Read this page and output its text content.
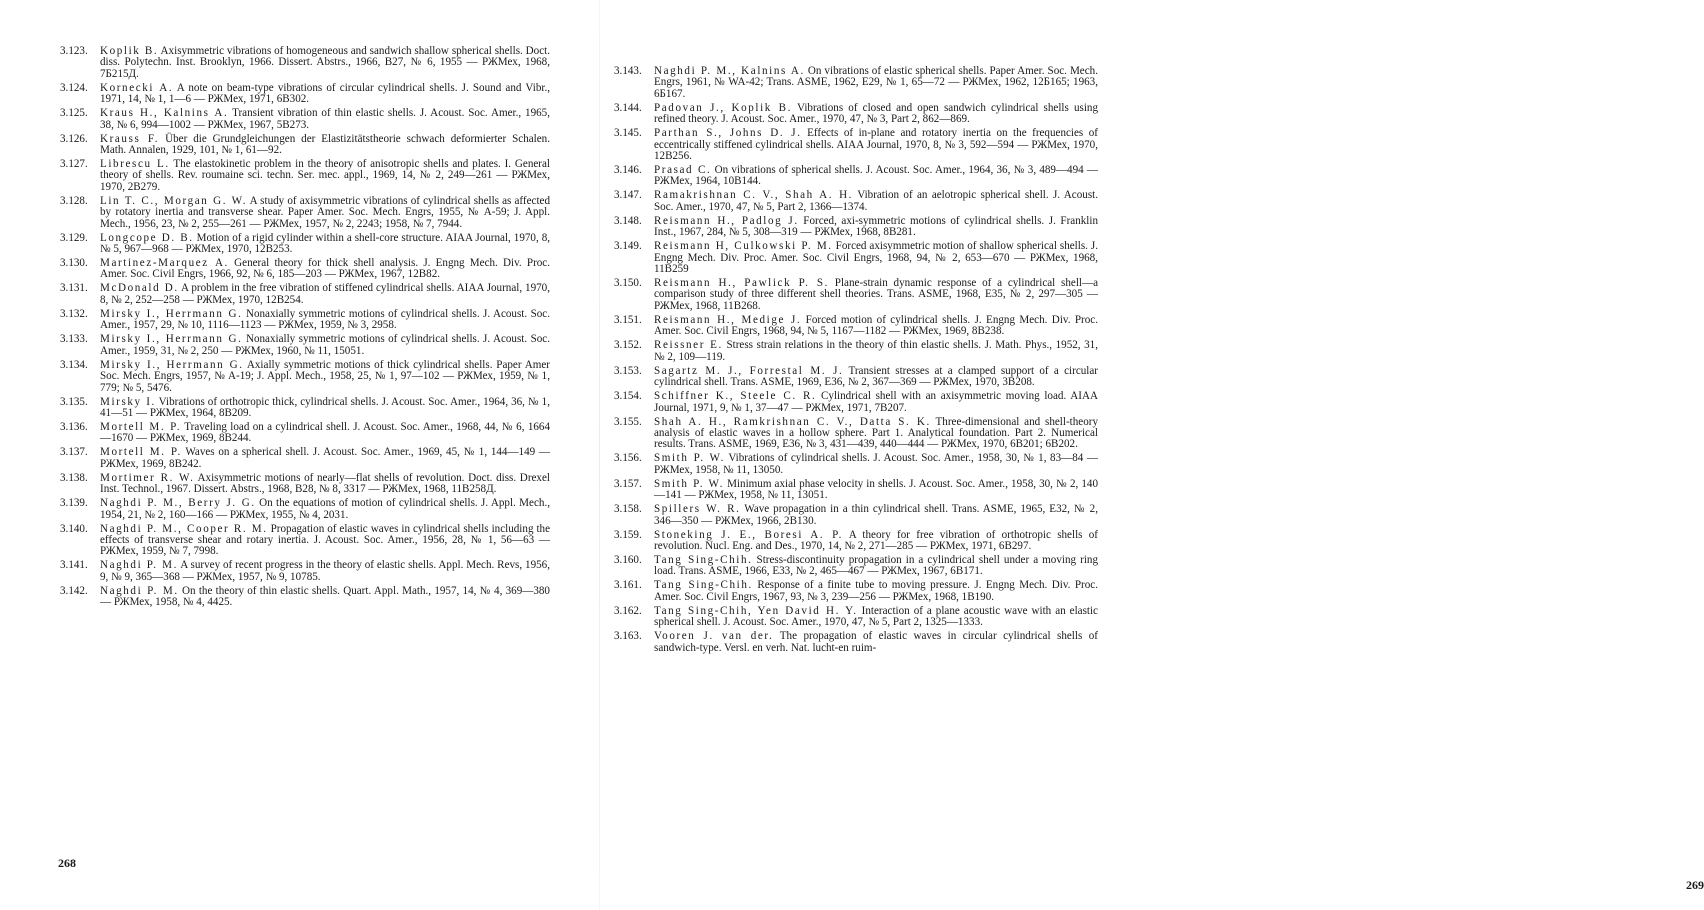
3.123.	Koplik B. Axisymmetric vibrations of homogeneous and sandwich shallow spherical shells. Doct. diss. Polytechn. Inst. Brooklyn, 1966. Dissert. Abstrs., 1966, B27, № 6, 1955 — РЖМех, 1968, 7Б215Д.
3.124.	Kornecki A. A note on beam-type vibrations of circular cylindrical shells. J. Sound and Vibr., 1971, 14, № 1, 1—6 — РЖМех, 1971, 6В302.
3.125.	Kraus H., Kalnins A. Transient vibration of thin elastic shells. J. Acoust. Soc. Amer., 1965, 38, № 6, 994—1002 — РЖМех, 1967, 5В273.
3.126.	Krauss F. Über die Grundgleichungen der Elastizitätstheorie schwach deformierter Schalen. Math. Annalen, 1929, 101, № 1, 61—92.
3.127.	Librescu L. The elastokinetic problem in the theory of anisotropic shells and plates. I. General theory of shells. Rev. roumaine sci. techn. Ser. mec. appl., 1969, 14, № 2, 249—261 — РЖМех, 1970, 2В279.
3.128.	Lin T. C., Morgan G. W. A study of axisymmetric vibrations of cylindrical shells as affected by rotatory inertia and transverse shear. Paper Amer. Soc. Mech. Engrs, 1955, № A-59; J. Appl. Mech., 1956, 23, № 2, 255—261 — РЖМех, 1957, № 2, 2243; 1958, № 7, 7944.
3.129.	Longcope D. B. Motion of a rigid cylinder within a shell-core structure. AIAA Journal, 1970, 8, № 5, 967—968 — РЖМех, 1970, 12В253.
3.130.	Martinez-Marquez A. General theory for thick shell analysis. J. Engng Mech. Div. Proc. Amer. Soc. Civil Engrs, 1966, 92, № 6, 185—203 — РЖМех, 1967, 12В82.
3.131.	McDonald D. A problem in the free vibration of stiffened cylindrical shells. AIAA Journal, 1970, 8, № 2, 252—258 — РЖМех, 1970, 12В254.
3.132.	Mirsky I., Herrmann G. Nonaxially symmetric motions of cylindrical shells. J. Acoust. Soc. Amer., 1957, 29, № 10, 1116—1123 — РЖМех, 1959, № 3, 2958.
3.133.	Mirsky I., Herrmann G. Nonaxially symmetric motions of cylindrical shells. J. Acoust. Soc. Amer., 1959, 31, № 2, 250 — РЖМех, 1960, № 11, 15051.
3.134.	Mirsky I., Herrmann G. Axially symmetric motions of thick cylindrical shells. Paper Amer Soc. Mech. Engrs, 1957, № A-19; J. Appl. Mech., 1958, 25, № 1, 97—102 — РЖМех, 1959, № 1, 779; № 5, 5476.
3.135.	Mirsky I. Vibrations of orthotropic thick, cylindrical shells. J. Acoust. Soc. Amer., 1964, 36, № 1, 41—51 — РЖМех, 1964, 8В209.
3.136.	Mortell M. P. Traveling load on a cylindrical shell. J. Acoust. Soc. Amer., 1968, 44, № 6, 1664—1670 — РЖМех, 1969, 8В244.
3.137.	Mortell M. P. Waves on a spherical shell. J. Acoust. Soc. Amer., 1969, 45, № 1, 144—149 — РЖМех, 1969, 8В242.
3.138.	Mortimer R. W. Axisymmetric motions of nearly—flat shells of revolution. Doct. diss. Drexel Inst. Technol., 1967. Dissert. Abstrs., 1968, B28, № 8, 3317 — РЖМех, 1968, 11В258Д.
3.139.	Naghdi P. M., Berry J. G. On the equations of motion of cylindrical shells. J. Appl. Mech., 1954, 21, № 2, 160—166 — РЖМех, 1955, № 4, 2031.
3.140.	Naghdi P. M., Cooper R. M. Propagation of elastic waves in cylindrical shells including the effects of transverse shear and rotary inertia. J. Acoust. Soc. Amer., 1956, 28, № 1, 56—63 — РЖМех, 1959, № 7, 7998.
3.141.	Naghdi P. M. A survey of recent progress in the theory of elastic shells. Appl. Mech. Revs, 1956, 9, № 9, 365—368 — РЖМех, 1957, № 9, 10785.
3.142.	Naghdi P. M. On the theory of thin elastic shells. Quart. Appl. Math., 1957, 14, № 4, 369—380 — РЖМех, 1958, № 4, 4425.
268
269
3.143.	Naghdi P. M., Kalnins A. On vibrations of elastic spherical shells. Paper Amer. Soc. Mech. Engrs, 1961, № WA-42; Trans. ASME, 1962, E29, № 1, 65—72 — РЖМех, 1962, 12Б165; 1963, 6Б167.
3.144.	Padovan J., Koplik B. Vibrations of closed and open sandwich cylindrical shells using refined theory. J. Acoust. Soc. Amer., 1970, 47, № 3, Part 2, 862—869.
3.145.	Parthan S., Johns D. J. Effects of in-plane and rotatory inertia on the frequencies of eccentrically stiffened cylindrical shells. AIAA Journal, 1970, 8, № 3, 592—594 — РЖМех, 1970, 12В256.
3.146.	Prasad C. On vibrations of spherical shells. J. Acoust. Soc. Amer., 1964, 36, № 3, 489—494 — РЖМех, 1964, 10В144.
3.147.	Ramakrishnan C. V., Shah A. H. Vibration of an aelotropic spherical shell. J. Acoust. Soc. Amer., 1970, 47, № 5, Part 2, 1366—1374.
3.148.	Reismann H., Padlog J. Forced, axi-symmetric motions of cylindrical shells. J. Franklin Inst., 1967, 284, № 5, 308—319 — РЖМех, 1968, 8В281.
3.149.	Reismann H, Culkowski P. M. Forced axisymmetric motion of shallow spherical shells. J. Engng Mech. Div. Proc. Amer. Soc. Civil Engrs, 1968, 94, № 2, 653—670 — РЖМех, 1968, 11В259
3.150.	Reismann H., Pawlick P. S. Plane-strain dynamic response of a cylindrical shell—a comparison study of three different shell theories. Trans. ASME, 1968, E35, № 2, 297—305 — РЖМех, 1968, 11В268.
3.151.	Reismann H., Medige J. Forced motion of cylindrical shells. J. Engng Mech. Div. Proc. Amer. Soc. Civil Engrs, 1968, 94, № 5, 1167—1182 — РЖМех, 1969, 8В238.
3.152.	Reissner E. Stress strain relations in the theory of thin elastic shells. J. Math. Phys., 1952, 31, № 2, 109—119.
3.153.	Sagartz M. J., Forrestal M. J. Transient stresses at a clamped support of a circular cylindrical shell. Trans. ASME, 1969, E36, № 2, 367—369 — РЖМех, 1970, 3В208.
3.154.	Schiffner K., Steele C. R. Cylindrical shell with an axisymmetric moving load. AIAA Journal, 1971, 9, № 1, 37—47 — РЖМех, 1971, 7В207.
3.155.	Shah A. H., Ramkrishnan C. V., Datta S. K. Three-dimensional and shell-theory analysis of elastic waves in a hollow sphere. Part 1. Analytical foundation. Part 2. Numerical results. Trans. ASME, 1969, E36, № 3, 431—439, 440—444 — РЖМех, 1970, 6В201; 6В202.
3.156.	Smith P. W. Vibrations of cylindrical shells. J. Acoust. Soc. Amer., 1958, 30, № 1, 83—84 — РЖМех, 1958, № 11, 13050.
3.157.	Smith P. W. Minimum axial phase velocity in shells. J. Acoust. Soc. Amer., 1958, 30, № 2, 140—141 — РЖМех, 1958, № 11, 13051.
3.158.	Spillers W. R. Wave propagation in a thin cylindrical shell. Trans. ASME, 1965, E32, № 2, 346—350 — РЖМех, 1966, 2В130.
3.159.	Stoneking J. E., Boresi A. P. A theory for free vibration of orthotropic shells of revolution. Nucl. Eng. and Des., 1970, 14, № 2, 271—285 — РЖМех, 1971, 6В297.
3.160.	Tang Sing-Chih. Stress-discontinuity propagation in a cylindrical shell under a moving ring load. Trans. ASME, 1966, E33, № 2, 465—467 — РЖМех, 1967, 6В171.
3.161.	Tang Sing-Chih. Response of a finite tube to moving pressure. J. Engng Mech. Div. Proc. Amer. Soc. Civil Engrs, 1967, 93, № 3, 239—256 — РЖМех, 1968, 1В190.
3.162.	Tang Sing-Chih, Yen David H. Y. Interaction of a plane acoustic wave with an elastic spherical shell. J. Acoust. Soc. Amer., 1970, 47, № 5, Part 2, 1325—1333.
3.163.	Vooren J. van der. The propagation of elastic waves in circular cylindrical shells of sandwich-type. Versl. en verh. Nat. lucht-en ruim-
